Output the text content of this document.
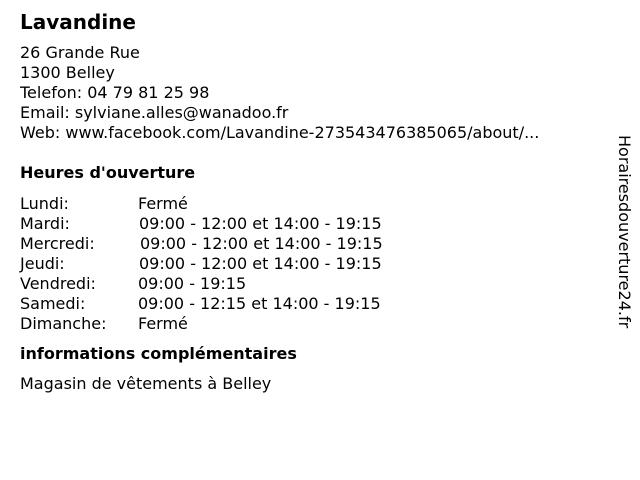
Lavandine
26 Grande Rue
1300 Belley
Telefon: 04 79 81 25 98
Email: sylviane.alles@wanadoo.fr
Web: www.facebook.com/Lavandine-273543476385065/about/...
Heures d'ouverture
Lundi:	Fermé
Mardi:	09:00 - 12:00 et 14:00 - 19:15
Mercredi:	09:00 - 12:00 et 14:00 - 19:15
Jeudi:	09:00 - 12:00 et 14:00 - 19:15
Vendredi:	09:00 - 19:15
Samedi:	09:00 - 12:15 et 14:00 - 19:15
Dimanche: Fermé
informations complémentaires
Magasin de vêtements à Belley
Horairesdouverture24.fr
